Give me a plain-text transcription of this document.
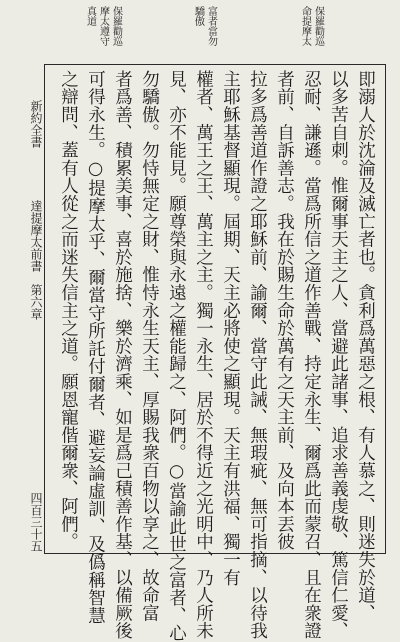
保羅勸巡
命提摩太
富者當勿
驕傲
保羅勸巡
摩太遵守
真道
即溺人於沈淪及滅亡者也。貪利爲萬惡之根、有人慕之、則迷失於道、
以多苦自刺。惟爾事天主之人、當避此諸事、追求善義虔敬、篤信仁愛、
忍耐、謙遜。當爲所信之道作善戰、持定永生、爾爲此而蒙召、且在衆證
者前、自訴善志。我在於賜生命於萬有之天主前、及向本丟彼
拉多爲善道作證之耶穌前、諭爾、當守此誡、無瑕疵、無可指摘、以待我
主耶穌基督顯現。屆期、天主必將使之顯現。天主有洪福、獨一有
權者、萬王之王、萬主之主。獨一永生、居於不得近之光明中、乃人所未
見、亦不能見。願尊榮與永遠之權能歸之、阿們。○當諭此世之富者、心
勿驕傲。勿恃無定之財、惟恃永生天主、厚賜我衆百物以享之、故命富
者爲善、積累美事、喜於施捨、樂於濟乘、如是爲己積善作基、以備厥後
可得永生。○提摩太乎、爾當守所託付爾者、避妄論虛訓、及僞稱智慧
之辯問、蓋有人從之而迷失信主之道。願恩寵偕爾衆、阿們。
新約全書
達提摩太前書　第六章
四百三十五
